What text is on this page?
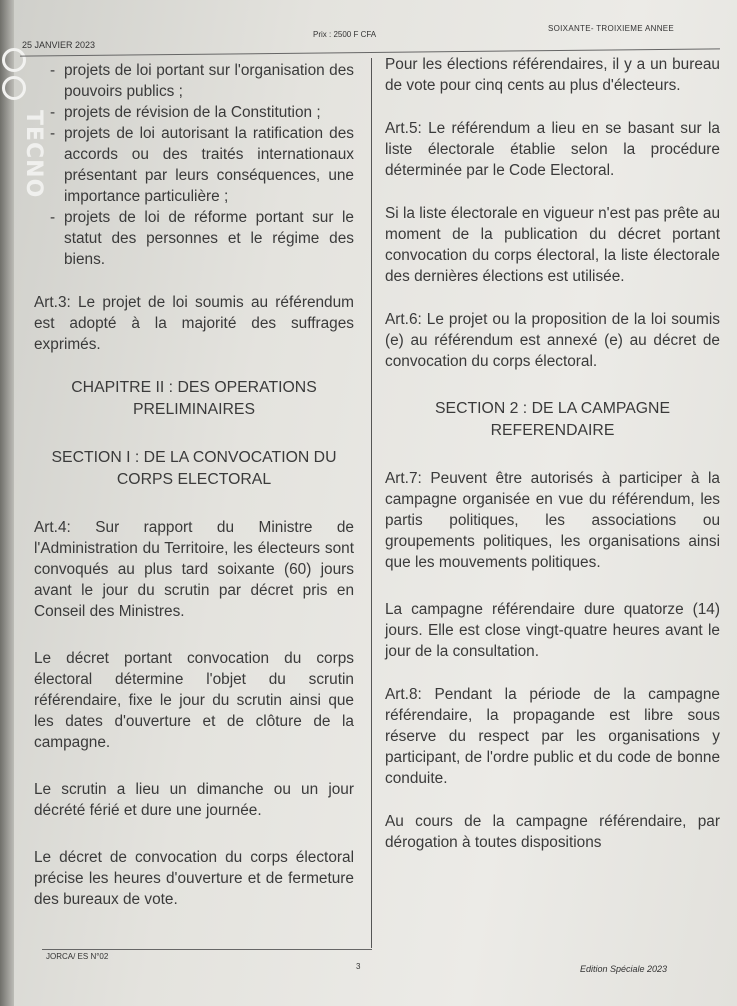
TECNO
25 JANVIER 2023
Prix : 2500 F CFA
SOIXANTE- TROIXIEME ANNEE
- projets de loi portant sur l'organisation des pouvoirs publics ;
- projets de révision de la Constitution ;
- projets de loi autorisant la ratification des accords ou des traités internationaux présentant par leurs conséquences, une importance particulière ;
- projets de loi de réforme portant sur le statut des personnes et le régime des biens.

Art.3: Le projet de loi soumis au référendum est adopté à la majorité des suffrages exprimés.

CHAPITRE II : DES OPERATIONS PRELIMINAIRES

SECTION I : DE LA CONVOCATION DU CORPS ELECTORAL

Art.4: Sur rapport du Ministre de l'Administration du Territoire, les électeurs sont convoqués au plus tard soixante (60) jours avant le jour du scrutin par décret pris en Conseil des Ministres.

Le décret portant convocation du corps électoral détermine l'objet du scrutin référendaire, fixe le jour du scrutin ainsi que les dates d'ouverture et de clôture de la campagne.

Le scrutin a lieu un dimanche ou un jour décrété férié et dure une journée.

Le décret de convocation du corps électoral précise les heures d'ouverture et de fermeture des bureaux de vote.

Pour les élections référendaires, il y a un bureau de vote pour cinq cents au plus d'électeurs.

Art.5: Le référendum a lieu en se basant sur la liste électorale établie selon la procédure déterminée par le Code Electoral.

Si la liste électorale en vigueur n'est pas prête au moment de la publication du décret portant convocation du corps électoral, la liste électorale des dernières élections est utilisée.

Art.6: Le projet ou la proposition de la loi soumis (e) au référendum est annexé (e) au décret de convocation du corps électoral.

SECTION 2 : DE LA CAMPAGNE REFERENDAIRE

Art.7: Peuvent être autorisés à participer à la campagne organisée en vue du référendum, les partis politiques, les associations ou groupements politiques, les organisations ainsi que les mouvements politiques.

La campagne référendaire dure quatorze (14) jours. Elle est close vingt-quatre heures avant le jour de la consultation.

Art.8: Pendant la période de la campagne référendaire, la propagande est libre sous réserve du respect par les organisations y participant, de l'ordre public et du code de bonne conduite.

Au cours de la campagne référendaire, par dérogation à toutes dispositions

JORCA/ ES N°02
3	Edition Spéciale 2023
